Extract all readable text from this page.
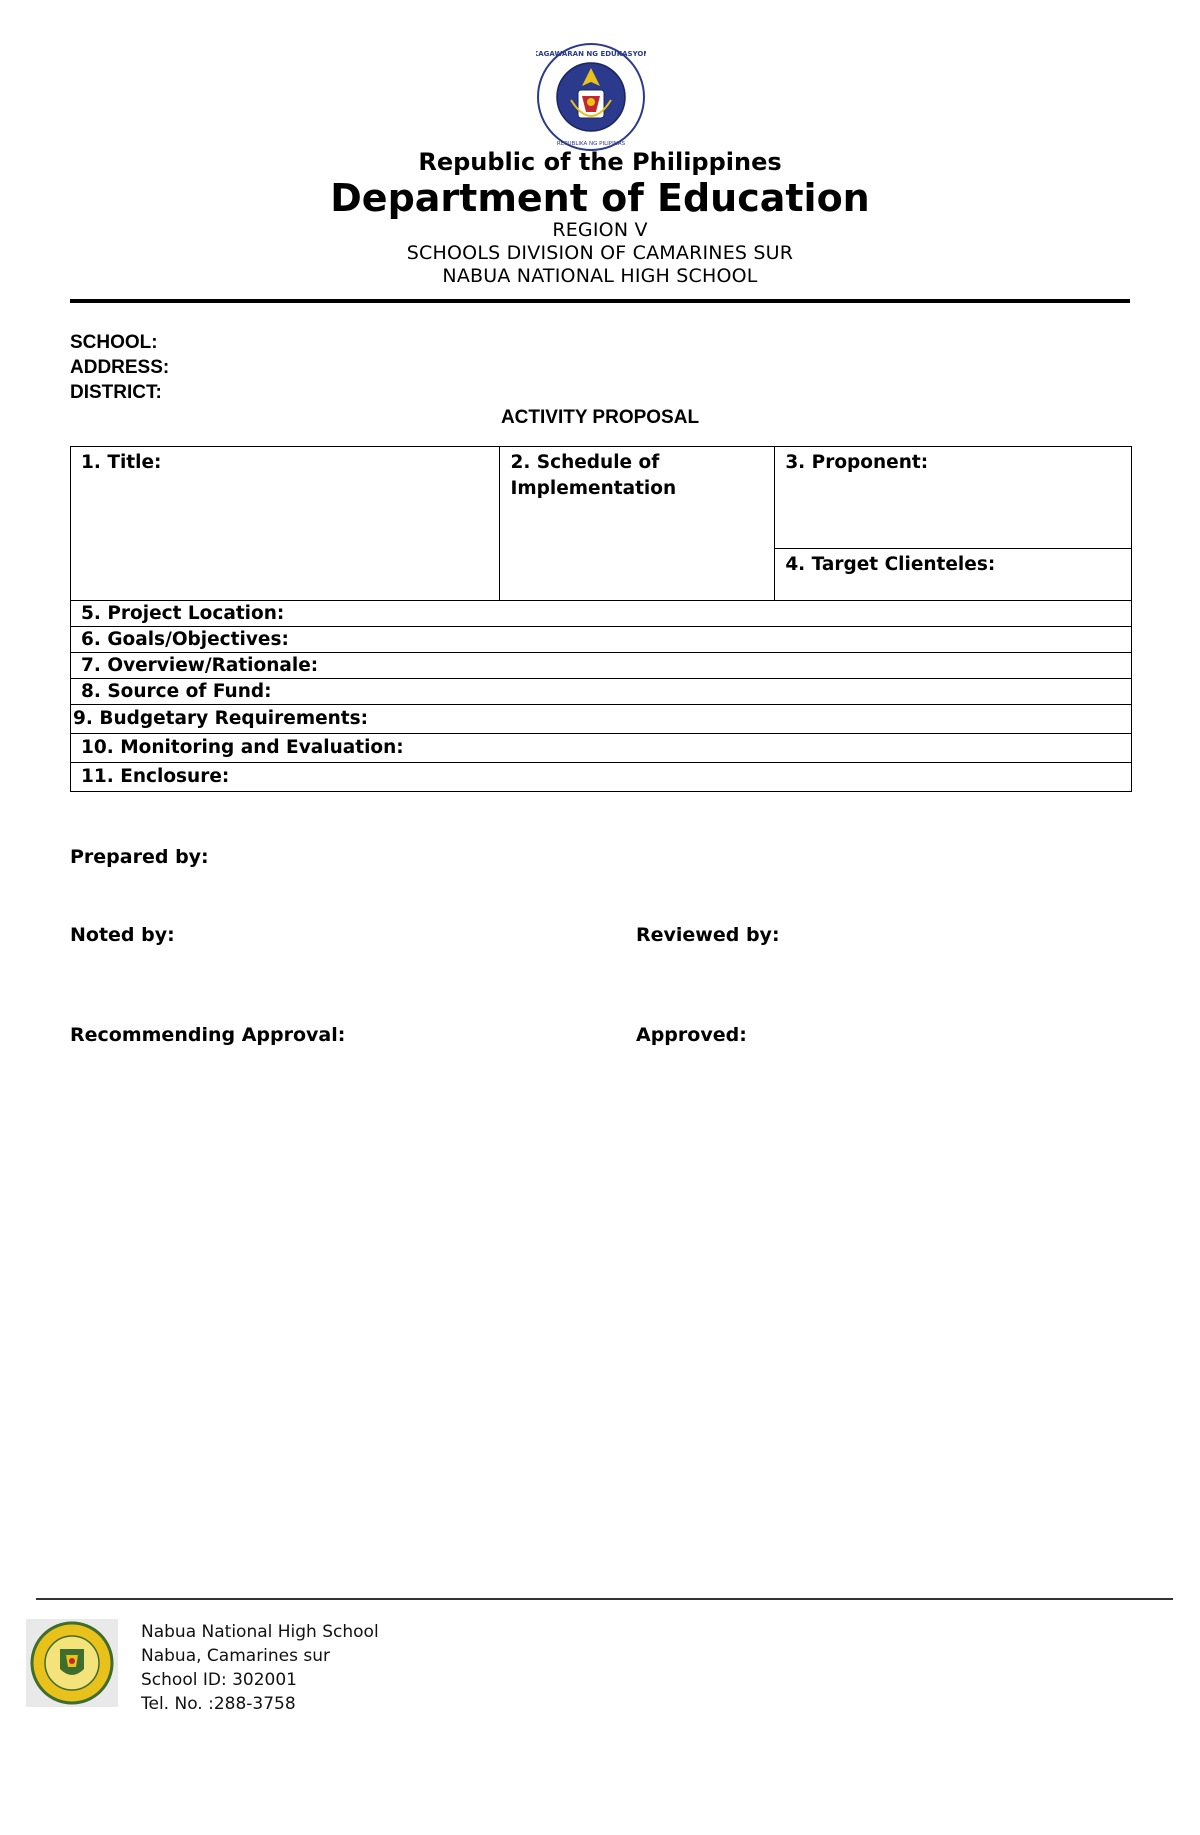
KAGAWARAN NG EDUKASYON
REPUBLIKA NG PILIPINAS
Republic of the Philippines
Department of Education
REGION V
SCHOOLS DIVISION OF CAMARINES SUR
NABUA NATIONAL HIGH SCHOOL
SCHOOL:
ADDRESS:
DISTRICT:
ACTIVITY PROPOSAL
1. Title:	2. Schedule of Implementation	3. Proponent:
4. Target Clienteles:
5. Project Location:
6. Goals/Objectives:
7. Overview/Rationale:
8. Source of Fund:
9. Budgetary Requirements:
10. Monitoring and Evaluation:
11. Enclosure:
Prepared by:
Noted by:	Reviewed by:
Recommending Approval:	Approved:
Nabua National High School
Nabua, Camarines sur
School ID: 302001
Tel. No. :288-3758
